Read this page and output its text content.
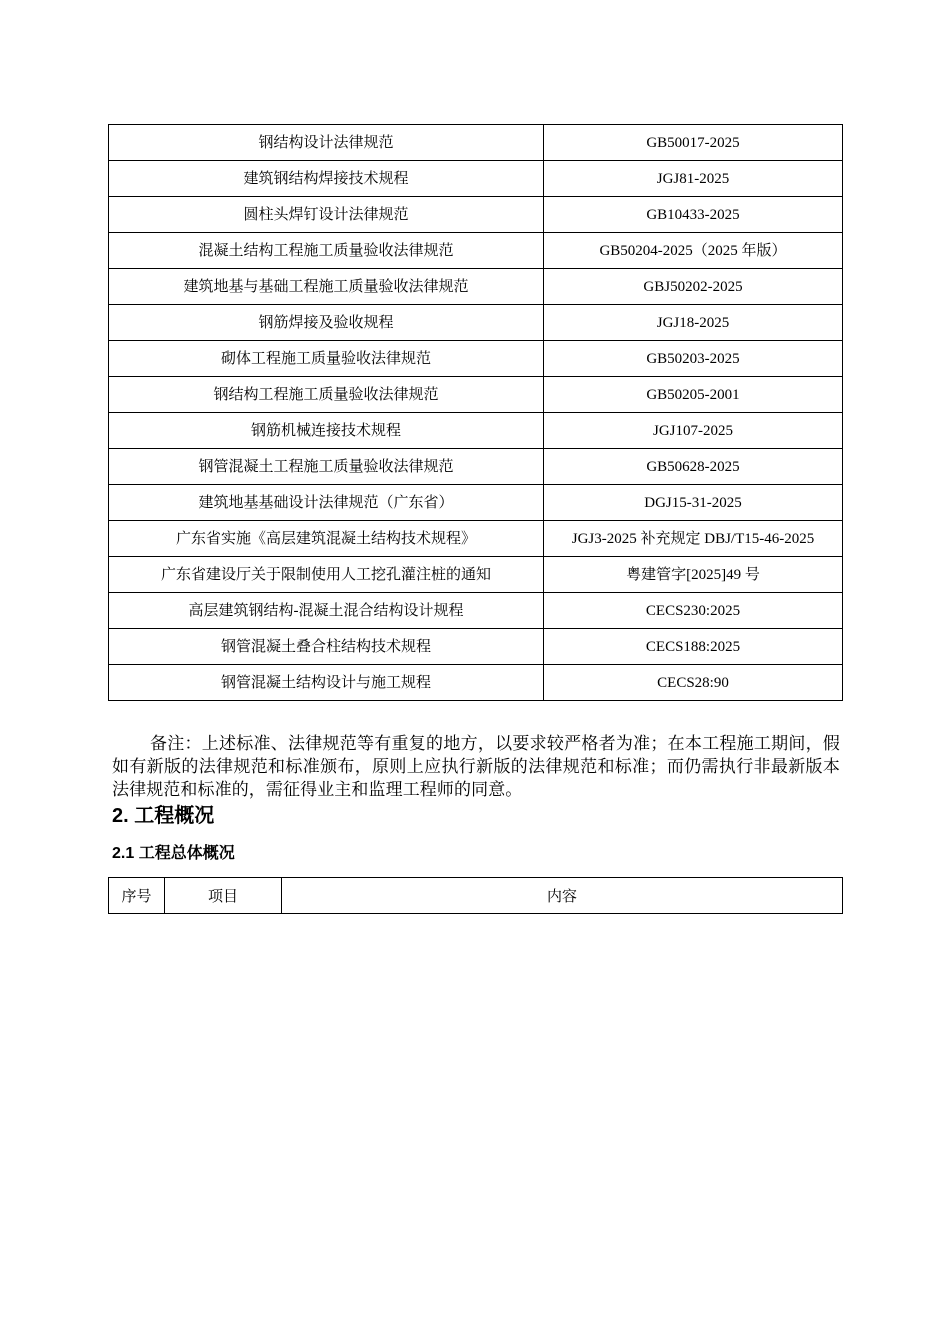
钢结构设计法律规范	GB50017-2025
建筑钢结构焊接技术规程	JGJ81-2025
圆柱头焊钉设计法律规范	GB10433-2025
混凝土结构工程施工质量验收法律规范	GB50204-2025（2025 年版）
建筑地基与基础工程施工质量验收法律规范	GBJ50202-2025
钢筋焊接及验收规程	JGJ18-2025
砌体工程施工质量验收法律规范	GB50203-2025
钢结构工程施工质量验收法律规范	GB50205-2001
钢筋机械连接技术规程	JGJ107-2025
钢管混凝土工程施工质量验收法律规范	GB50628-2025
建筑地基基础设计法律规范（广东省）	DGJ15-31-2025
广东省实施《高层建筑混凝土结构技术规程》	JGJ3-2025 补充规定 DBJ/T15-46-2025
广东省建设厅关于限制使用人工挖孔灌注桩的通知	粤建管字[2025]49 号
高层建筑钢结构-混凝土混合结构设计规程	CECS230:2025
钢管混凝土叠合柱结构技术规程	CECS188:2025
钢管混凝土结构设计与施工规程	CECS28:90

备注：上述标准、法律规范等有重复的地方，以要求较严格者为准；在本工程施工期间，假如有新版的法律规范和标准颁布，原则上应执行新版的法律规范和标准；而仍需执行非最新版本法律规范和标准的，需征得业主和监理工程师的同意。

2. 工程概况
2.1 工程总体概况
序号	项目	内容
